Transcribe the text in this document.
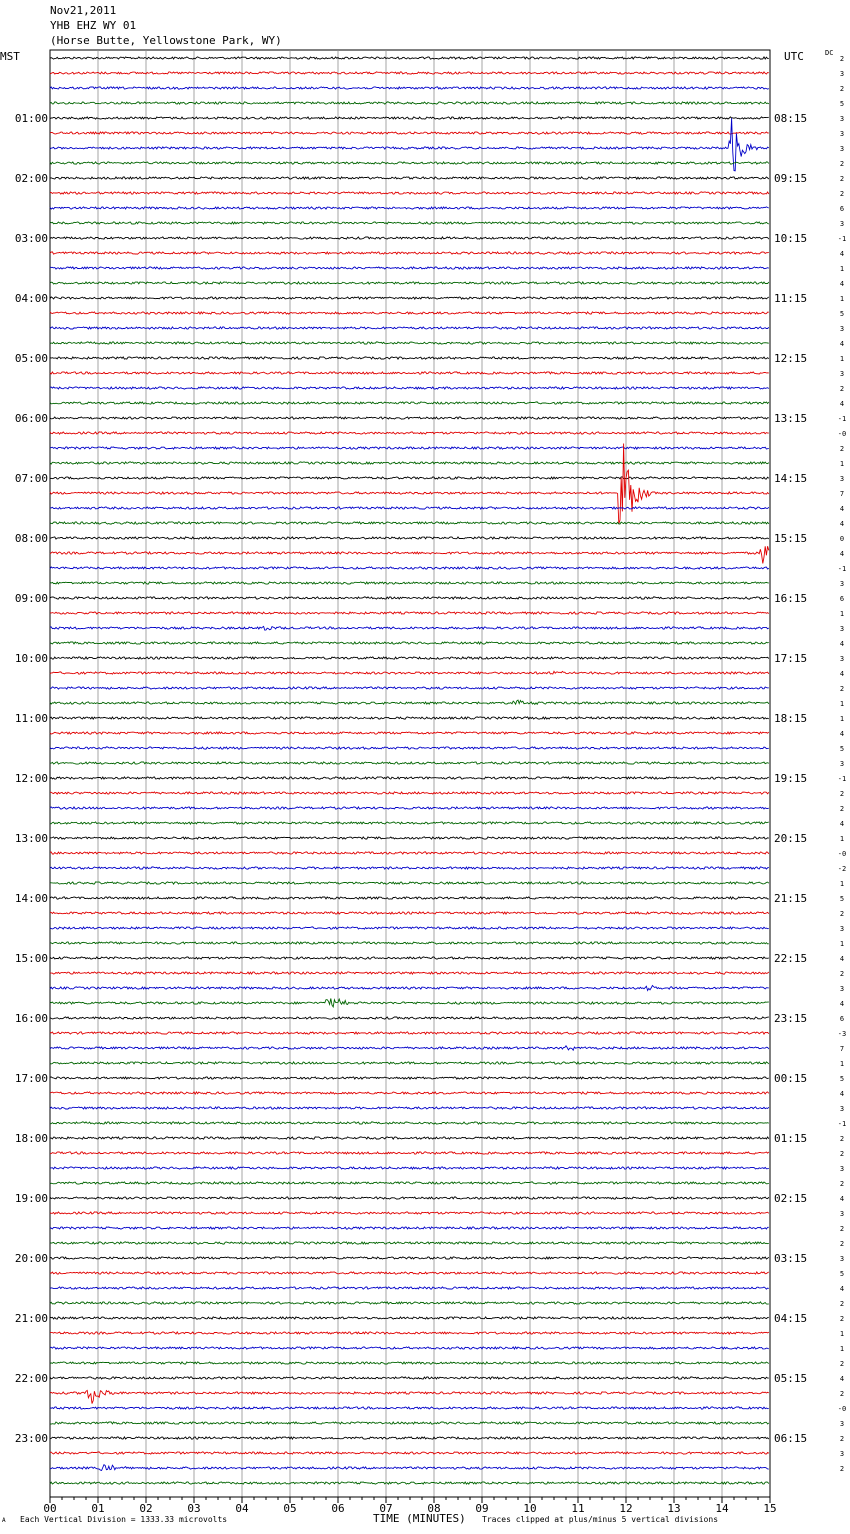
Nov21,2011
YHB EHZ WY 01
(Horse Butte, Yellowstone Park, WY)
MST	UTC	DC
2
3
2
5
3
3
3
2
2
2
6
3
-1
4
1
4
1
5
3
4
1
3
2
4
-1
-0
2
1
3
7
4
4
0
4
-1
3
6
1
3
4
3
4
2
1
1
4
5
3
-1
2
2
4
1
-0
-2
1
5
2
3
1
4
2
3
4
6
-3
7
1
5
4
3
-1
2
2
3
2
4
3
2
2
3
5
4
2
2
1
1
2
4
2
-0
3
2
3
2
01:00
02:00
03:00
04:00
05:00
06:00
07:00
08:00
09:00
10:00
11:00
12:00
13:00
14:00
15:00
16:00
17:00
18:00
19:00
20:00
21:00
22:00
23:00
08:15
09:15
10:15
11:15
12:15
13:15
14:15
15:15
16:15
17:15
18:15
19:15
20:15
21:15
22:15
23:15
00:15
01:15
02:15
03:15
04:15
05:15
06:15
00	01	02	03	04	05	06	07	08	09	10	11	12	13	14	15
A Each Vertical Division = 1333.33 microvolts	TIME (MINUTES) Traces clipped at plus/minus 5 vertical divisions
